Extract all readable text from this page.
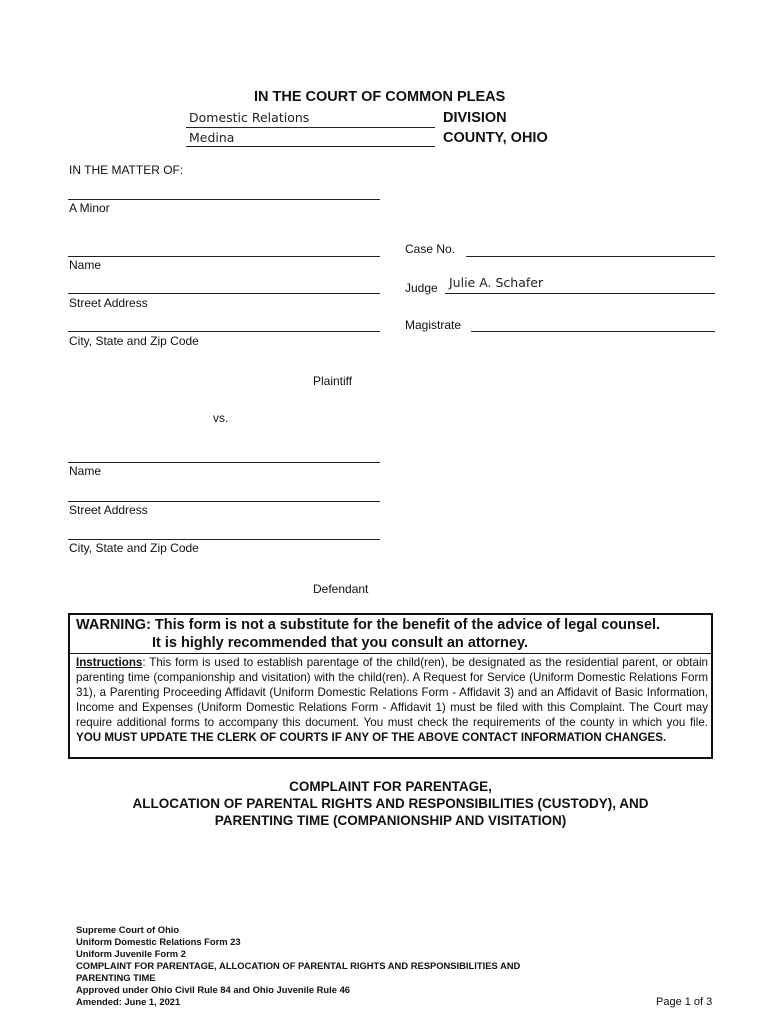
IN THE COURT OF COMMON PLEAS
Domestic Relations	DIVISION
Medina	COUNTY, OHIO
IN THE MATTER OF:
A Minor
Name
Street Address
City, State and Zip Code
Plaintiff
Case No.
Judge Julie A. Schafer
Magistrate
vs.
Name
Street Address
City, State and Zip Code
Defendant
WARNING: This form is not a substitute for the benefit of the advice of legal counsel.
It is highly recommended that you consult an attorney.
Instructions: This form is used to establish parentage of the child(ren), be designated as the residential parent, or obtain parenting time (companionship and visitation) with the child(ren). A Request for Service (Uniform Domestic Relations Form 31), a Parenting Proceeding Affidavit (Uniform Domestic Relations Form - Affidavit 3) and an Affidavit of Basic Information, Income and Expenses (Uniform Domestic Relations Form - Affidavit 1) must be filed with this Complaint. The Court may require additional forms to accompany this document. You must check the requirements of the county in which you file. YOU MUST UPDATE THE CLERK OF COURTS IF ANY OF THE ABOVE CONTACT INFORMATION CHANGES.
COMPLAINT FOR PARENTAGE,
ALLOCATION OF PARENTAL RIGHTS AND RESPONSIBILITIES (CUSTODY), AND
PARENTING TIME (COMPANIONSHIP AND VISITATION)
Supreme Court of Ohio
Uniform Domestic Relations Form 23
Uniform Juvenile Form 2
COMPLAINT FOR PARENTAGE, ALLOCATION OF PARENTAL RIGHTS AND RESPONSIBILITIES AND
PARENTING TIME
Approved under Ohio Civil Rule 84 and Ohio Juvenile Rule 46
Amended: June 1, 2021	Page 1 of 3
